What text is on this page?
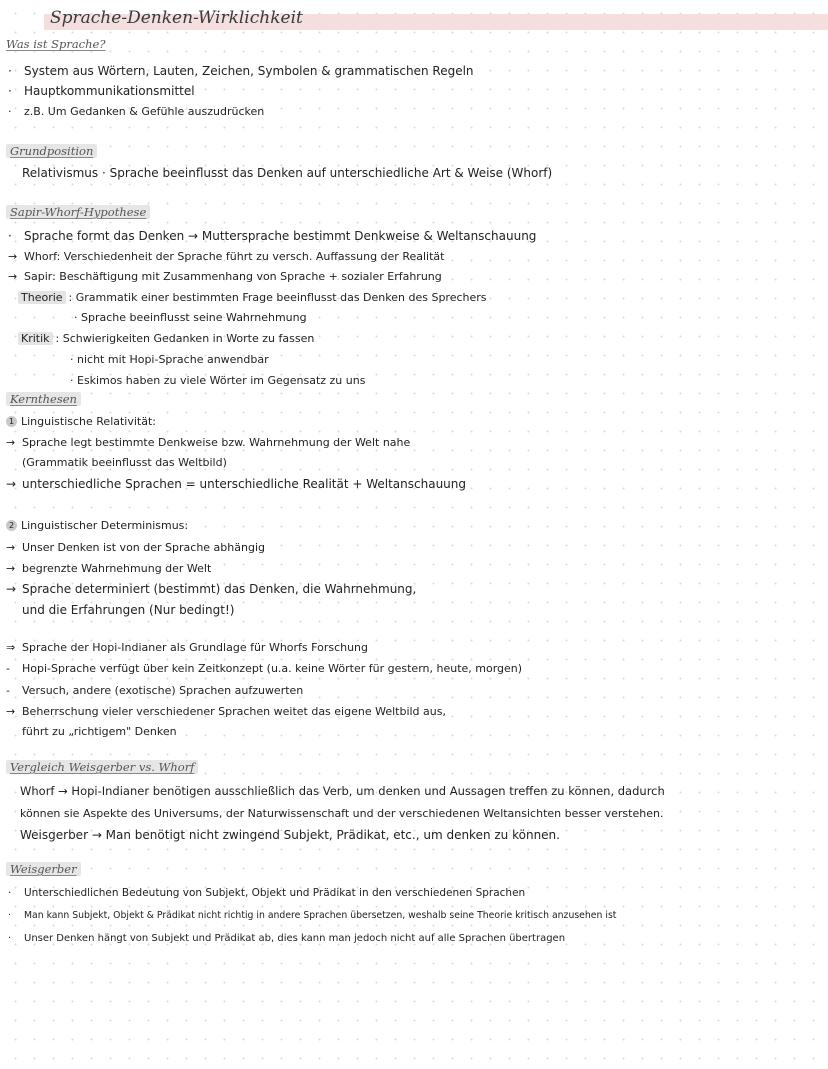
Sprache-Denken-Wirklichkeit
Was ist Sprache?
· System aus Wörtern, Lauten, Zeichen, Symbolen & grammatischen Regeln
· Hauptkommunikationsmittel
· z.B. Um Gedanken & Gefühle auszudrücken
Grundposition
Relativismus · Sprache beeinflusst das Denken auf unterschiedliche Art & Weise (Whorf)
Sapir-Whorf-Hypothese
· Sprache formt das Denken → Muttersprache bestimmt Denkweise & Weltanschauung
→ Whorf: Verschiedenheit der Sprache führt zu versch. Auffassung der Realität
→ Sapir: Beschäftigung mit Zusammenhang von Sprache + sozialer Erfahrung
Theorie : Grammatik einer bestimmten Frage beeinflusst das Denken des Sprechers
· Sprache beeinflusst seine Wahrnehmung
Kritik : Schwierigkeiten Gedanken in Worte zu fassen
· nicht mit Hopi-Sprache anwendbar
· Eskimos haben zu viele Wörter im Gegensatz zu uns
Kernthesen
1 Linguistische Relativität:
→ Sprache legt bestimmte Denkweise bzw. Wahrnehmung der Welt nahe
(Grammatik beeinflusst das Weltbild)
→ unterschiedliche Sprachen = unterschiedliche Realität + Weltanschauung
2 Linguistischer Determinismus:
→ Unser Denken ist von der Sprache abhängig
→ begrenzte Wahrnehmung der Welt
→ Sprache determiniert (bestimmt) das Denken, die Wahrnehmung,
und die Erfahrungen (Nur bedingt!)
⇒ Sprache der Hopi-Indianer als Grundlage für Whorfs Forschung
- Hopi-Sprache verfügt über kein Zeitkonzept (u.a. keine Wörter für gestern, heute, morgen)
- Versuch, andere (exotische) Sprachen aufzuwerten
→ Beherrschung vieler verschiedener Sprachen weitet das eigene Weltbild aus,
führt zu „richtigem" Denken
Vergleich Weisgerber vs. Whorf
Whorf → Hopi-Indianer benötigen ausschließlich das Verb, um denken und Aussagen treffen zu können, dadurch
können sie Aspekte des Universums, der Naturwissenschaft und der verschiedenen Weltansichten besser verstehen.
Weisgerber → Man benötigt nicht zwingend Subjekt, Prädikat, etc., um denken zu können.
Weisgerber
· Unterschiedlichen Bedeutung von Subjekt, Objekt und Prädikat in den verschiedenen Sprachen
· Man kann Subjekt, Objekt & Prädikat nicht richtig in andere Sprachen übersetzen, weshalb seine Theorie kritisch anzusehen ist
· Unser Denken hängt von Subjekt und Prädikat ab, dies kann man jedoch nicht auf alle Sprachen übertragen
